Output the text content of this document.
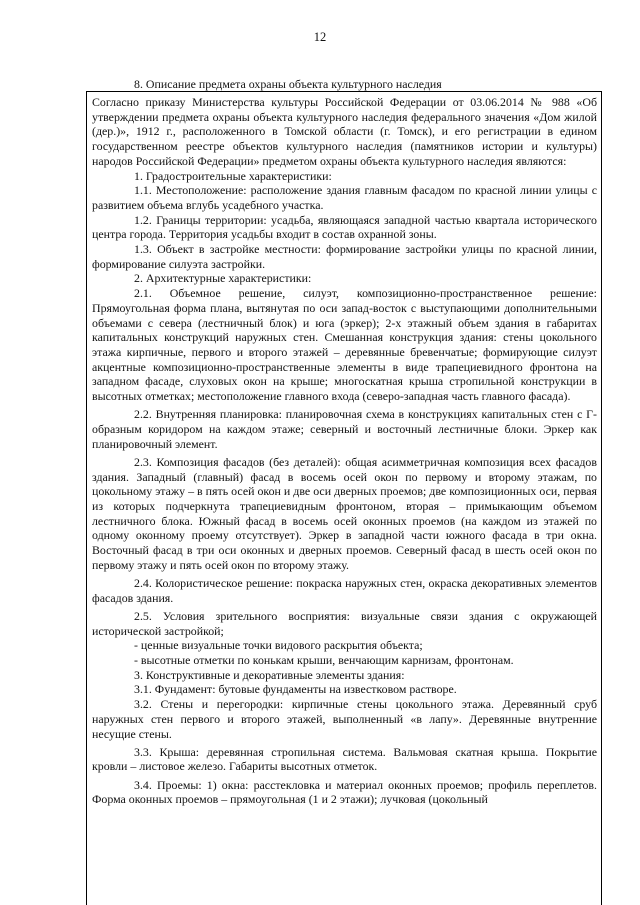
12
8. Описание предмета охраны объекта культурного наследия

Согласно приказу Министерства культуры Российской Федерации от 03.06.2014 № 988 «Об утверждении предмета охраны объекта культурного наследия федерального значения «Дом жилой (дер.)», 1912 г., расположенного в Томской области (г. Томск), и его регистрации в едином государственном реестре объектов культурного наследия (памятников истории и культуры) народов Российской Федерации» предметом охраны объекта культурного наследия являются:

1. Градостроительные характеристики:

1.1. Местоположение: расположение здания главным фасадом по красной линии улицы с развитием объема вглубь усадебного участка.

1.2. Границы территории: усадьба, являющаяся западной частью квартала исторического центра города. Территория усадьбы входит в состав охранной зоны.

1.3. Объект в застройке местности: формирование застройки улицы по красной линии, формирование силуэта застройки.

2. Архитектурные характеристики:

2.1. Объемное решение, силуэт, композиционно-пространственное решение: Прямоугольная форма плана, вытянутая по оси запад-восток с выступающими дополнительными объемами с севера (лестничный блок) и юга (эркер); 2-х этажный объем здания в габаритах капитальных конструкций наружных стен. Смешанная конструкция здания: стены цокольного этажа кирпичные, первого и второго этажей – деревянные бревенчатые; формирующие силуэт акцентные композиционно-пространственные элементы в виде трапециевидного фронтона на западном фасаде, слуховых окон на крыше; многоскатная крыша стропильной конструкции в высотных отметках; местоположение главного входа (северо-западная часть главного фасада).

2.2. Внутренняя планировка: планировочная схема в конструкциях капитальных стен с Г-образным коридором на каждом этаже; северный и восточный лестничные блоки. Эркер как планировочный элемент.

2.3. Композиция фасадов (без деталей): общая асимметричная композиция всех фасадов здания. Западный (главный) фасад в восемь осей окон по первому и второму этажам, по цокольному этажу – в пять осей окон и две оси дверных проемов; две композиционных оси, первая из которых подчеркнута трапециевидным фронтоном, вторая – примыкающим объемом лестничного блока. Южный фасад в восемь осей оконных проемов (на каждом из этажей по одному оконному проему отсутствует). Эркер в западной части южного фасада в три окна. Восточный фасад в три оси оконных и дверных проемов. Северный фасад в шесть осей окон по первому этажу и пять осей окон по второму этажу.

2.4. Колористическое решение: покраска наружных стен, окраска декоративных элементов фасадов здания.

2.5. Условия зрительного восприятия: визуальные связи здания с окружающей исторической застройкой;

- ценные визуальные точки видового раскрытия объекта;

- высотные отметки по конькам крыши, венчающим карнизам, фронтонам.

3. Конструктивные и декоративные элементы здания:

3.1. Фундамент: бутовые фундаменты на известковом растворе.

3.2. Стены и перегородки: кирпичные стены цокольного этажа. Деревянный сруб наружных стен первого и второго этажей, выполненный «в лапу». Деревянные внутренние несущие стены.

3.3. Крыша: деревянная стропильная система. Вальмовая скатная крыша. Покрытие кровли – листовое железо. Габариты высотных отметок.

3.4. Проемы: 1) окна: расстекловка и материал оконных проемов; профиль переплетов. Форма оконных проемов – прямоугольная (1 и 2 этажи); лучковая (цокольный
